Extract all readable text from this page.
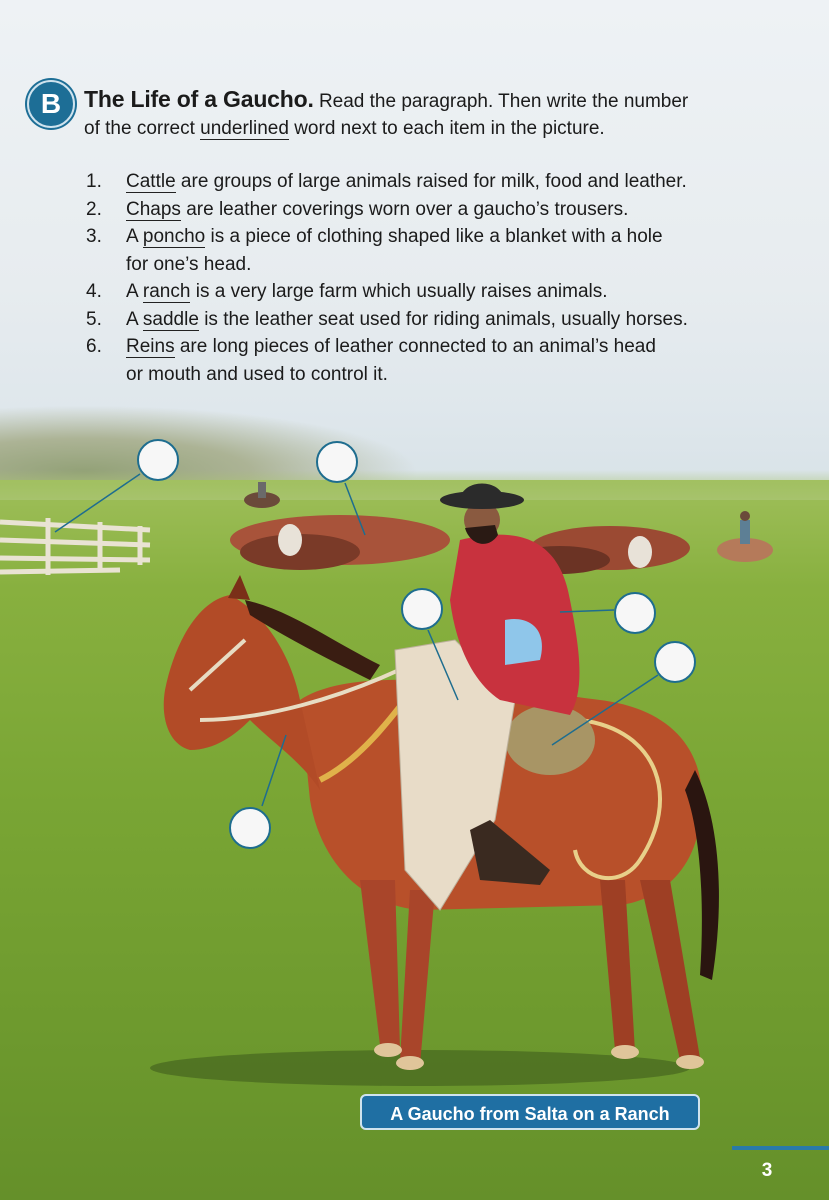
B The Life of a Gaucho. Read the paragraph. Then write the number
of the correct underlined word next to each item in the picture.
1. Cattle are groups of large animals raised for milk, food and leather.
2. Chaps are leather coverings worn over a gaucho’s trousers.
3. A poncho is a piece of clothing shaped like a blanket with a hole
for one’s head.
4. A ranch is a very large farm which usually raises animals.
5. A saddle is the leather seat used for riding animals, usually horses.
6. Reins are long pieces of leather connected to an animal’s head
or mouth and used to control it.
A Gaucho from Salta on a Ranch
3
